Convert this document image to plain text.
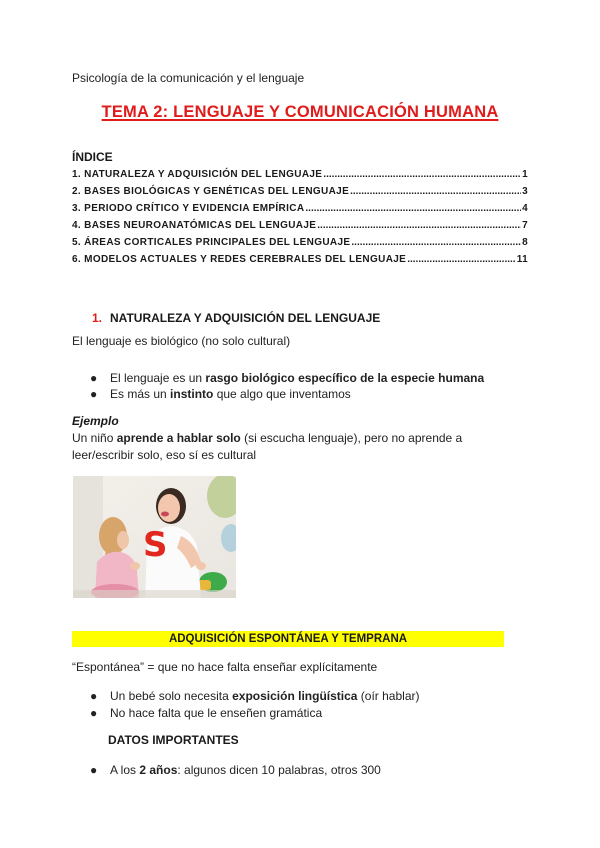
Psicología de la comunicación y el lenguaje
TEMA 2: LENGUAJE Y COMUNICACIÓN HUMANA
ÍNDICE
1. NATURALEZA Y ADQUISICIÓN DEL LENGUAJE .....	1
2. BASES BIOLÓGICAS Y GENÉTICAS DEL LENGUAJE .....	3
3. PERIODO CRÍTICO Y EVIDENCIA EMPÍRICA .....	4
4. BASES NEUROANATÓMICAS DEL LENGUAJE .....	7
5. ÁREAS CORTICALES PRINCIPALES DEL LENGUAJE .....	8
6. MODELOS ACTUALES Y REDES CEREBRALES DEL LENGUAJE .....	11
1. NATURALEZA Y ADQUISICIÓN DEL LENGUAJE
El lenguaje es biológico (no solo cultural)
●	El lenguaje es un rasgo biológico específico de la especie humana
●	Es más un instinto que algo que inventamos
Ejemplo
Un niño aprende a hablar solo (si escucha lenguaje), pero no aprende a
leer/escribir solo, eso sí es cultural
S
ADQUISICIÓN ESPONTÁNEA Y TEMPRANA
“Espontánea” = que no hace falta enseñar explícitamente
●	Un bebé solo necesita exposición lingüística (oír hablar)
●	No hace falta que le enseñen gramática
DATOS IMPORTANTES
●	A los 2 años: algunos dicen 10 palabras, otros 300
